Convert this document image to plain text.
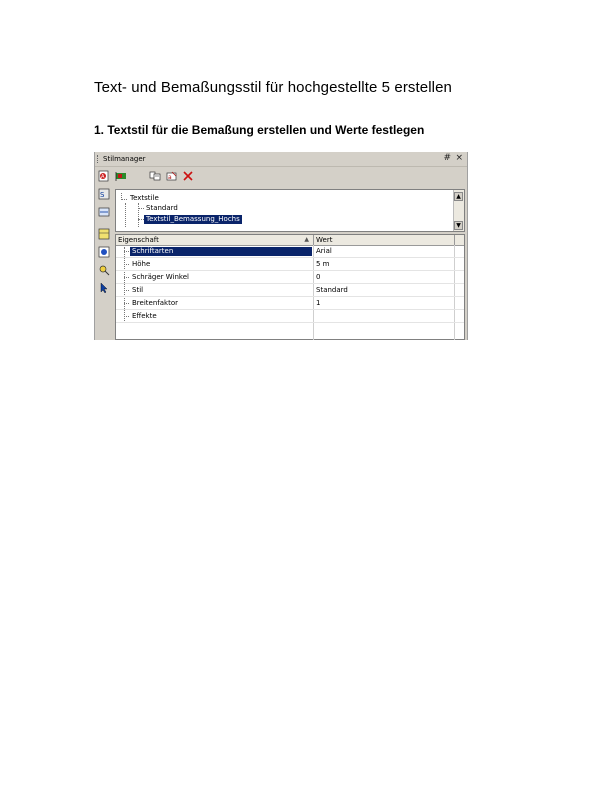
Text- und Bemaßungsstil für hochgestellte 5 erstellen
1. Textstil für die Bemaßung erstellen und Werte festlegen
Stilmanager	# ×
A	a
S	Textstile
Standard
Textstil_Bemassung_Hochs
▲
▼
Eigenschaft	▲ Wert
Schriftarten	Arial
Höhe	5 m
Schräger Winkel	0
Stil	Standard
Breitenfaktor	1
Effekte
